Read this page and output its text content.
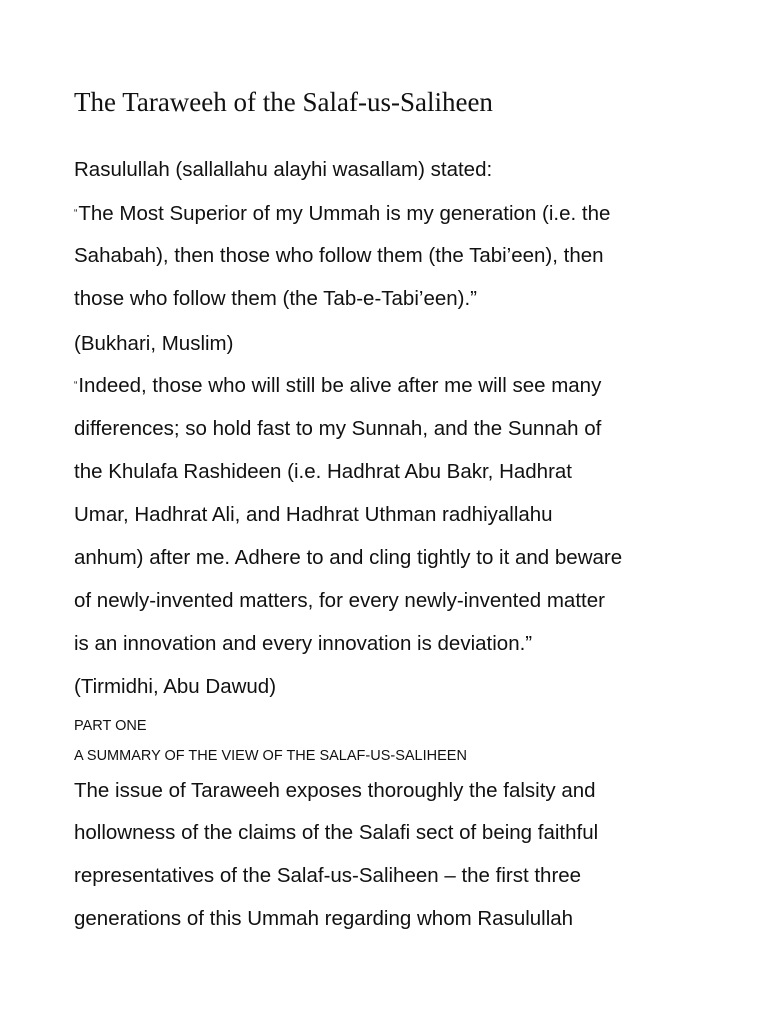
The Taraweeh of the Salaf-us-Saliheen

Rasulullah (sallallahu alayhi wasallam) stated:

“The Most Superior of my Ummah is my generation (i.e. the

Sahabah), then those who follow them (the Tabi’een), then

those who follow them (the Tab-e-Tabi’een).”

(Bukhari, Muslim)

“Indeed, those who will still be alive after me will see many

differences; so hold fast to my Sunnah, and the Sunnah of

the Khulafa Rashideen (i.e. Hadhrat Abu Bakr, Hadhrat

Umar, Hadhrat Ali, and Hadhrat Uthman radhiyallahu

anhum) after me. Adhere to and cling tightly to it and beware

of newly-invented matters, for every newly-invented matter

is an innovation and every innovation is deviation.”

(Tirmidhi, Abu Dawud)

PART ONE

A SUMMARY OF THE VIEW OF THE SALAF-US-SALIHEEN

The issue of Taraweeh exposes thoroughly the falsity and

hollowness of the claims of the Salafi sect of being faithful

representatives of the Salaf-us-Saliheen – the first three

generations of this Ummah regarding whom Rasulullah
